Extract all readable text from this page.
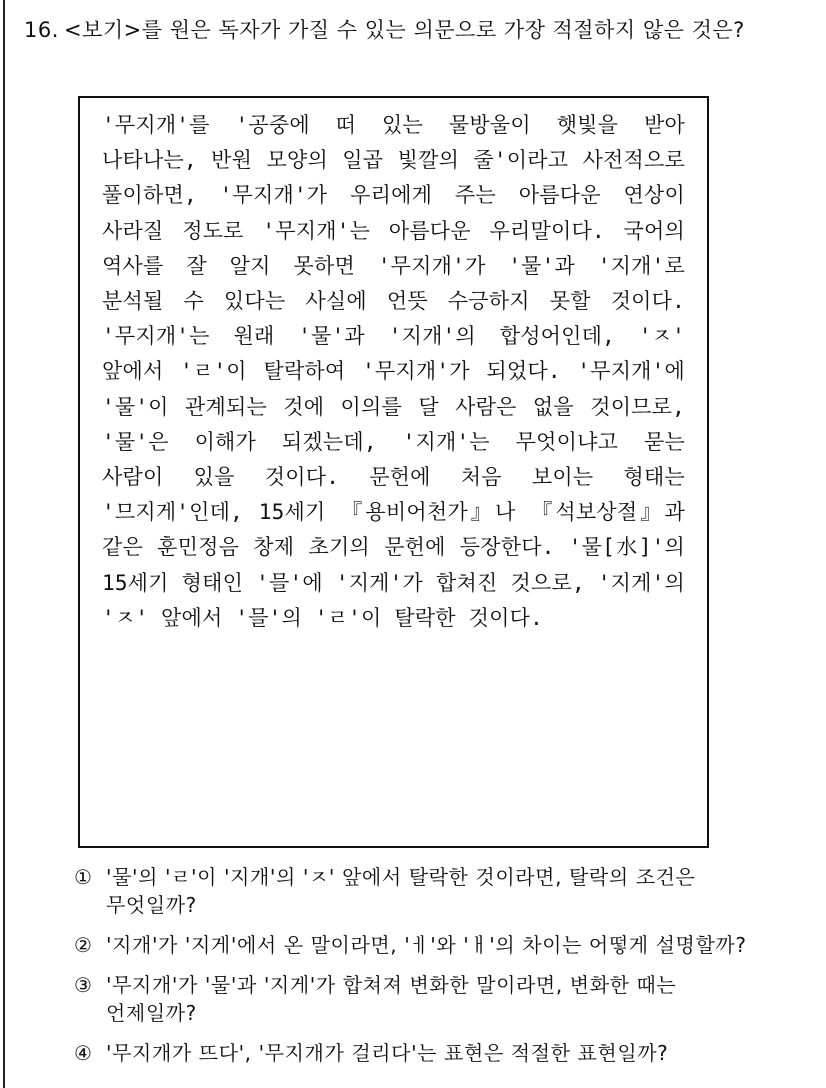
16. <보기>를 원은 독자가 가질 수 있는 의문으로 가장 적절하지 않은 것은?

'무지개'를 '공중에 떠 있는 물방울이 햇빛을 받아 나타나는, 반원 모양의 일곱 빛깔의 줄'이라고 사전적으로 풀이하면, '무지개'가 우리에게 주는 아름다운 연상이 사라질 정도로 '무지개'는 아름다운 우리말이다. 국어의 역사를 잘 알지 못하면 '무지개'가 '물'과 '지개'로 분석될 수 있다는 사실에 언뜻 수긍하지 못할 것이다. '무지개'는 원래 '물'과 '지개'의 합성어인데, 'ㅈ' 앞에서 'ㄹ'이 탈락하여 '무지개'가 되었다. '무지개'에 '물'이 관계되는 것에 이의를 달 사람은 없을 것이므로, '물'은 이해가 되겠는데, '지개'는 무엇이냐고 묻는 사람이 있을 것이다. 문헌에 처음 보이는 형태는 '므지게'인데, 15세기 『용비어천가』나 『석보상절』과 같은 훈민정음 창제 초기의 문헌에 등장한다. '물[水]'의 15세기 형태인 '믈'에 '지게'가 합쳐진 것으로, '지게'의 'ㅈ' 앞에서 '믈'의 'ㄹ'이 탈락한 것이다.

① '물'의 'ㄹ'이 '지개'의 'ㅈ' 앞에서 탈락한 것이라면, 탈락의 조건은 무엇일까?
② '지개'가 '지게'에서 온 말이라면, 'ㅔ'와 'ㅐ'의 차이는 어떻게 설명할까?
③ '무지개'가 '물'과 '지게'가 합쳐져 변화한 말이라면, 변화한 때는 언제일까?
④ '무지개가 뜨다', '무지개가 걸리다'는 표현은 적절한 표현일까?
